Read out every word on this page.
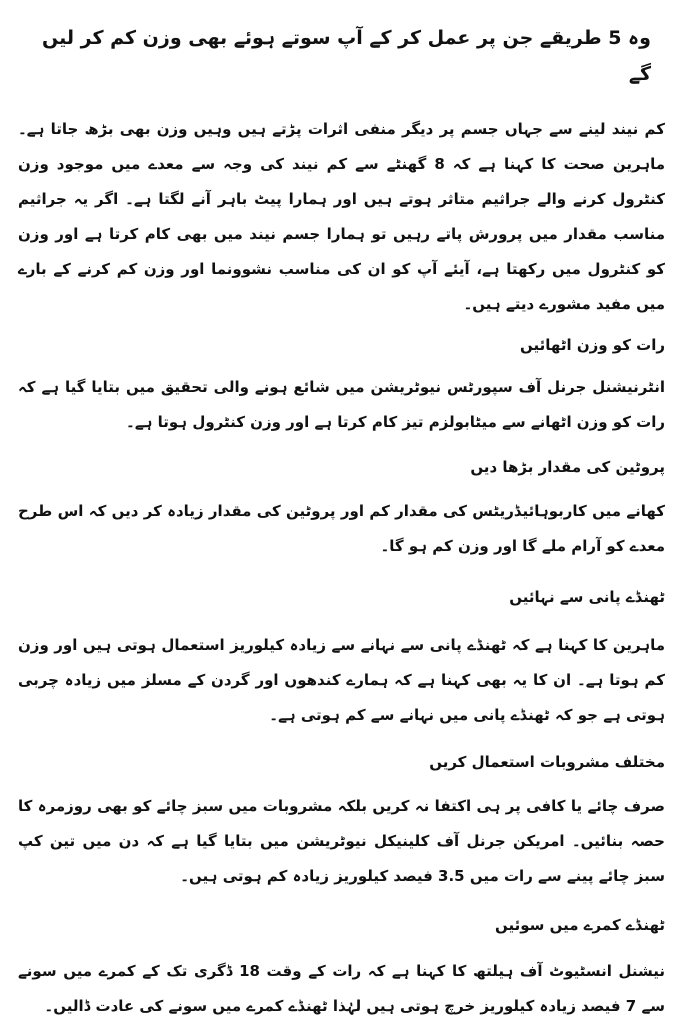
وہ 5 طریقے جن پر عمل کر کے آپ سوتے ہوئے بھی وزن کم کر لیں گے

کم نیند لینے سے جہاں جسم پر دیگر منفی اثرات پڑتے ہیں وہیں وزن بھی بڑھ جاتا ہے۔ ماہرین صحت کا کہنا ہے کہ 8 گھنٹے سے کم نیند کی وجہ سے معدے میں موجود وزن کنٹرول کرنے والے جراثیم متاثر ہوتے ہیں اور ہمارا پیٹ باہر آنے لگتا ہے۔ اگر یہ جراثیم مناسب مقدار میں پرورش پاتے رہیں تو ہمارا جسم نیند میں بھی کام کرتا ہے اور وزن کو کنٹرول میں رکھتا ہے، آیئے آپ کو ان کی مناسب نشوونما اور وزن کم کرنے کے بارے میں مفید مشورے دیتے ہیں۔

رات کو وزن اٹھائیں

انٹرنیشنل جرنل آف سپورٹس نیوٹریشن میں شائع ہونے والی تحقیق میں بتایا گیا ہے کہ رات کو وزن اٹھانے سے میٹابولزم تیز کام کرتا ہے اور وزن کنٹرول ہوتا ہے۔

پروٹین کی مقدار بڑھا دیں

کھانے میں کاربوہائیڈریٹس کی مقدار کم اور پروٹین کی مقدار زیادہ کر دیں کہ اس طرح معدے کو آرام ملے گا اور وزن کم ہو گا۔

ٹھنڈے پانی سے نہائیں

ماہرین کا کہنا ہے کہ ٹھنڈے پانی سے نہانے سے زیادہ کیلوریز استعمال ہوتی ہیں اور وزن کم ہوتا ہے۔ ان کا یہ بھی کہنا ہے کہ ہمارے کندھوں اور گردن کے مسلز میں زیادہ چربی ہوتی ہے جو کہ ٹھنڈے پانی میں نہانے سے کم ہوتی ہے۔

مختلف مشروبات استعمال کریں

صرف چائے یا کافی پر ہی اکتفا نہ کریں بلکہ مشروبات میں سبز چائے کو بھی روزمرہ کا حصہ بنائیں۔ امریکن جرنل آف کلینیکل نیوٹریشن میں بتایا گیا ہے کہ دن میں تین کپ سبز چائے پینے سے رات میں 3.5 فیصد کیلوریز زیادہ کم ہوتی ہیں۔

ٹھنڈے کمرے میں سوئیں

نیشنل انسٹیوٹ آف ہیلتھ کا کہنا ہے کہ رات کے وقت 18 ڈگری تک کے کمرے میں سونے سے 7 فیصد زیادہ کیلوریز خرچ ہوتی ہیں لہٰذا ٹھنڈے کمرے میں سونے کی عادت ڈالیں۔
